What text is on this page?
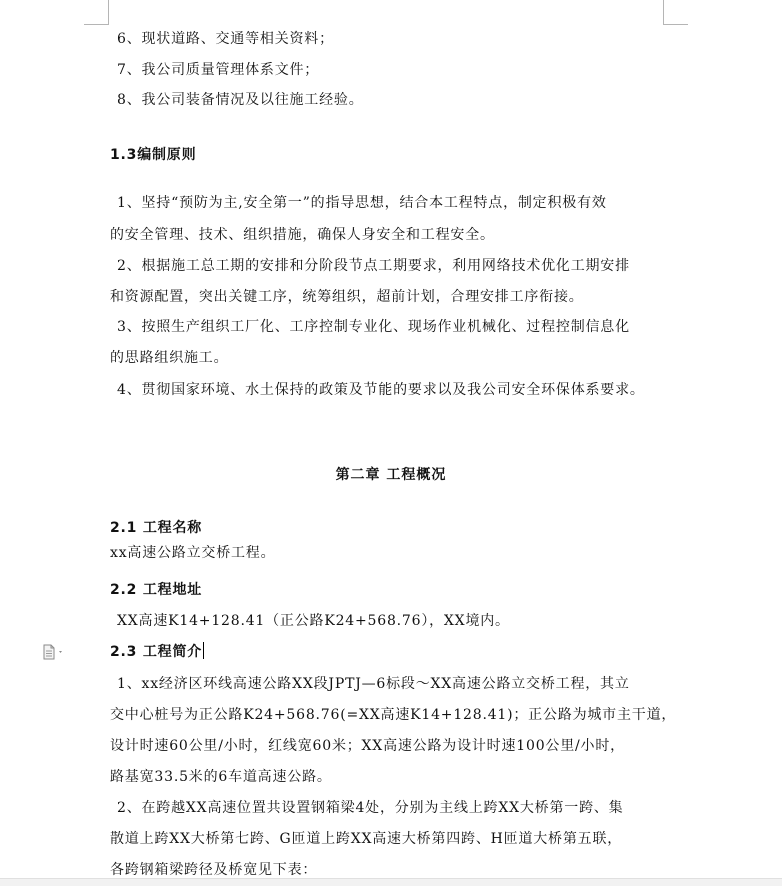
6、现状道路、交通等相关资料；
7、我公司质量管理体系文件；
8、我公司装备情况及以往施工经验。
1.3编制原则
1、坚持“预防为主,安全第一”的指导思想，结合本工程特点，制定积极有效
的安全管理、技术、组织措施，确保人身安全和工程安全。
2、根据施工总工期的安排和分阶段节点工期要求，利用网络技术优化工期安排
和资源配置，突出关键工序，统筹组织，超前计划，合理安排工序衔接。
3、按照生产组织工厂化、工序控制专业化、现场作业机械化、过程控制信息化
的思路组织施工。
4、贯彻国家环境、水土保持的政策及节能的要求以及我公司安全环保体系要求。
第二章 工程概况
2.1 工程名称
xx高速公路立交桥工程。
2.2 工程地址
XX高速K14+128.41（正公路K24+568.76），XX境内。
2.3 工程简介
1、xx经济区环线高速公路XX段JPTJ—6标段～XX高速公路立交桥工程，其立
交中心桩号为正公路K24+568.76(=XX高速K14+128.41)；正公路为城市主干道，
设计时速60公里/小时，红线宽60米；XX高速公路为设计时速100公里/小时，
路基宽33.5米的6车道高速公路。
2、在跨越XX高速位置共设置钢箱梁4处，分别为主线上跨XX大桥第一跨、集
散道上跨XX大桥第七跨、G匝道上跨XX高速大桥第四跨、H匝道大桥第五联，
各跨钢箱梁跨径及桥宽见下表：
